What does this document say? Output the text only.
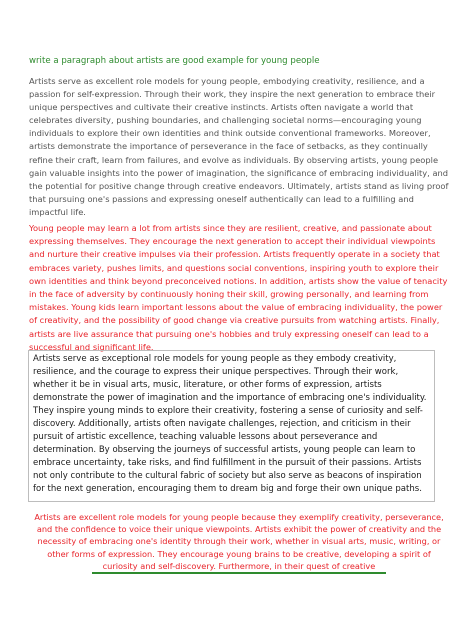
write a paragraph about artists are good example for young people

Artists serve as excellent role models for young people, embodying creativity, resilience, and a passion for self-expression. Through their work, they inspire the next generation to embrace their unique perspectives and cultivate their creative instincts. Artists often navigate a world that celebrates diversity, pushing boundaries, and challenging societal norms—encouraging young individuals to explore their own identities and think outside conventional frameworks. Moreover, artists demonstrate the importance of perseverance in the face of setbacks, as they continually refine their craft, learn from failures, and evolve as individuals. By observing artists, young people gain valuable insights into the power of imagination, the significance of embracing individuality, and the potential for positive change through creative endeavors. Ultimately, artists stand as living proof that pursuing one's passions and expressing oneself authentically can lead to a fulfilling and impactful life.

Young people may learn a lot from artists since they are resilient, creative, and passionate about expressing themselves. They encourage the next generation to accept their individual viewpoints and nurture their creative impulses via their profession. Artists frequently operate in a society that embraces variety, pushes limits, and questions social conventions, inspiring youth to explore their own identities and think beyond preconceived notions. In addition, artists show the value of tenacity in the face of adversity by continuously honing their skill, growing personally, and learning from mistakes. Young kids learn important lessons about the value of embracing individuality, the power of creativity, and the possibility of good change via creative pursuits from watching artists. Finally, artists are live assurance that pursuing one's hobbies and truly expressing oneself can lead to a successful and significant life.

Artists serve as exceptional role models for young people as they embody creativity, resilience, and the courage to express their unique perspectives. Through their work, whether it be in visual arts, music, literature, or other forms of expression, artists demonstrate the power of imagination and the importance of embracing one's individuality. They inspire young minds to explore their creativity, fostering a sense of curiosity and self-discovery. Additionally, artists often navigate challenges, rejection, and criticism in their pursuit of artistic excellence, teaching valuable lessons about perseverance and determination. By observing the journeys of successful artists, young people can learn to embrace uncertainty, take risks, and find fulfillment in the pursuit of their passions. Artists not only contribute to the cultural fabric of society but also serve as beacons of inspiration for the next generation, encouraging them to dream big and forge their own unique paths.

Artists are excellent role models for young people because they exemplify creativity, perseverance, and the confidence to voice their unique viewpoints. Artists exhibit the power of creativity and the necessity of embracing one's identity through their work, whether in visual arts, music, writing, or other forms of expression. They encourage young brains to be creative, developing a spirit of curiosity and self-discovery. Furthermore, in their quest of creative
